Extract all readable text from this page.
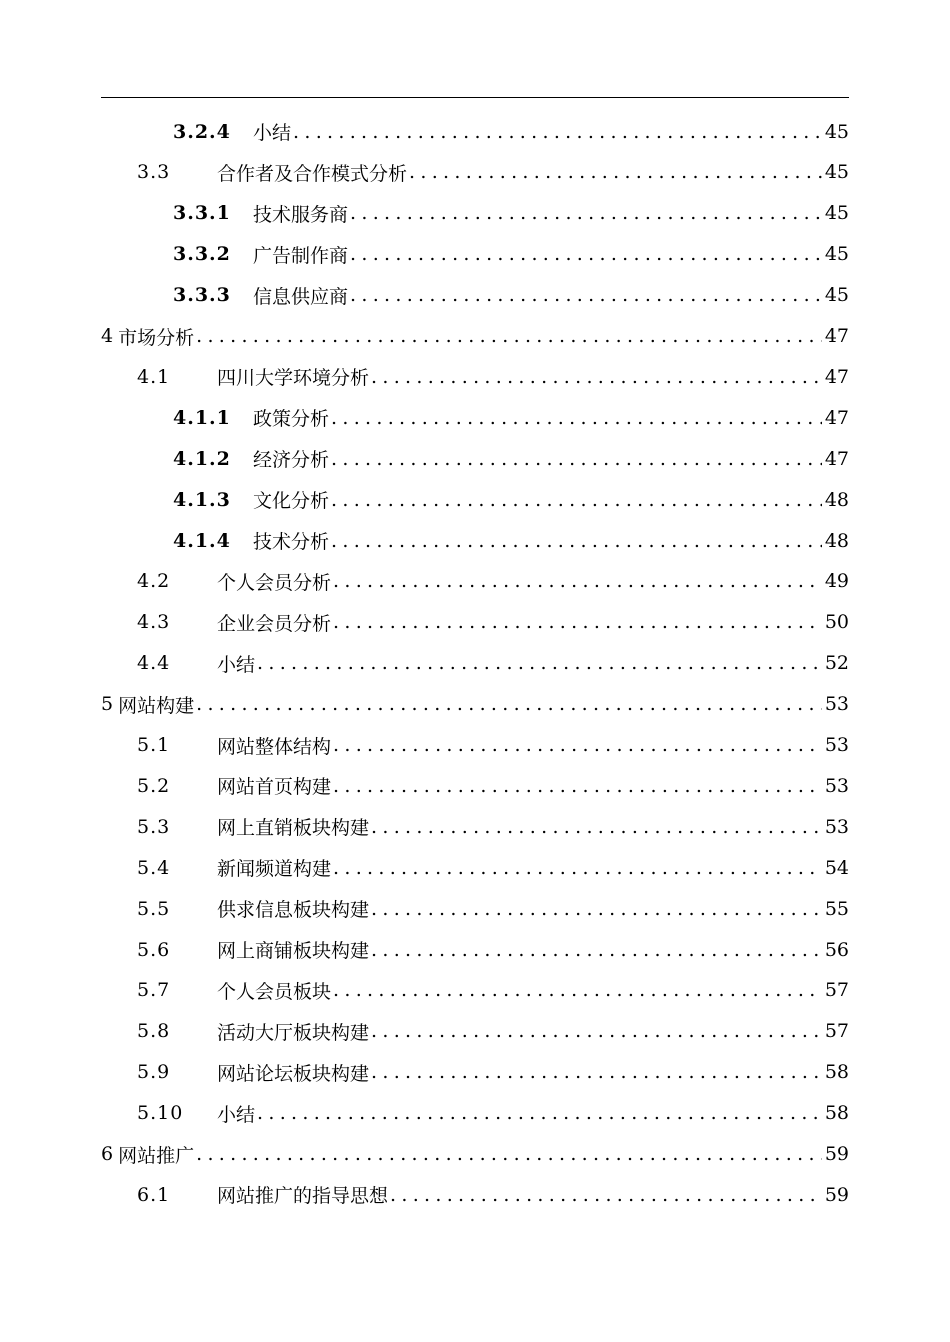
3.2.4	小结 .....	45
3.3	合作者及合作模式分析 .....	45
3.3.1	技术服务商 .....	45
3.3.2	广告制作商 .....	45
3.3.3	信息供应商 .....	45
4 市场分析 .....	47
4.1	四川大学环境分析 .....	47
4.1.1	政策分析 .....	47
4.1.2	经济分析 .....	47
4.1.3	文化分析 .....	48
4.1.4	技术分析 .....	48
4.2	个人会员分析 .....	49
4.3	企业会员分析 .....	50
4.4	小结 .....	52
5 网站构建 .....	53
5.1	网站整体结构 .....	53
5.2	网站首页构建 .....	53
5.3	网上直销板块构建 .....	53
5.4	新闻频道构建 .....	54
5.5	供求信息板块构建 .....	55
5.6	网上商铺板块构建 .....	56
5.7	个人会员板块 .....	57
5.8	活动大厅板块构建 .....	57
5.9	网站论坛板块构建 .....	58
5.10	小结 .....	58
6 网站推广 .....	59
6.1	网站推广的指导思想 .....	59
